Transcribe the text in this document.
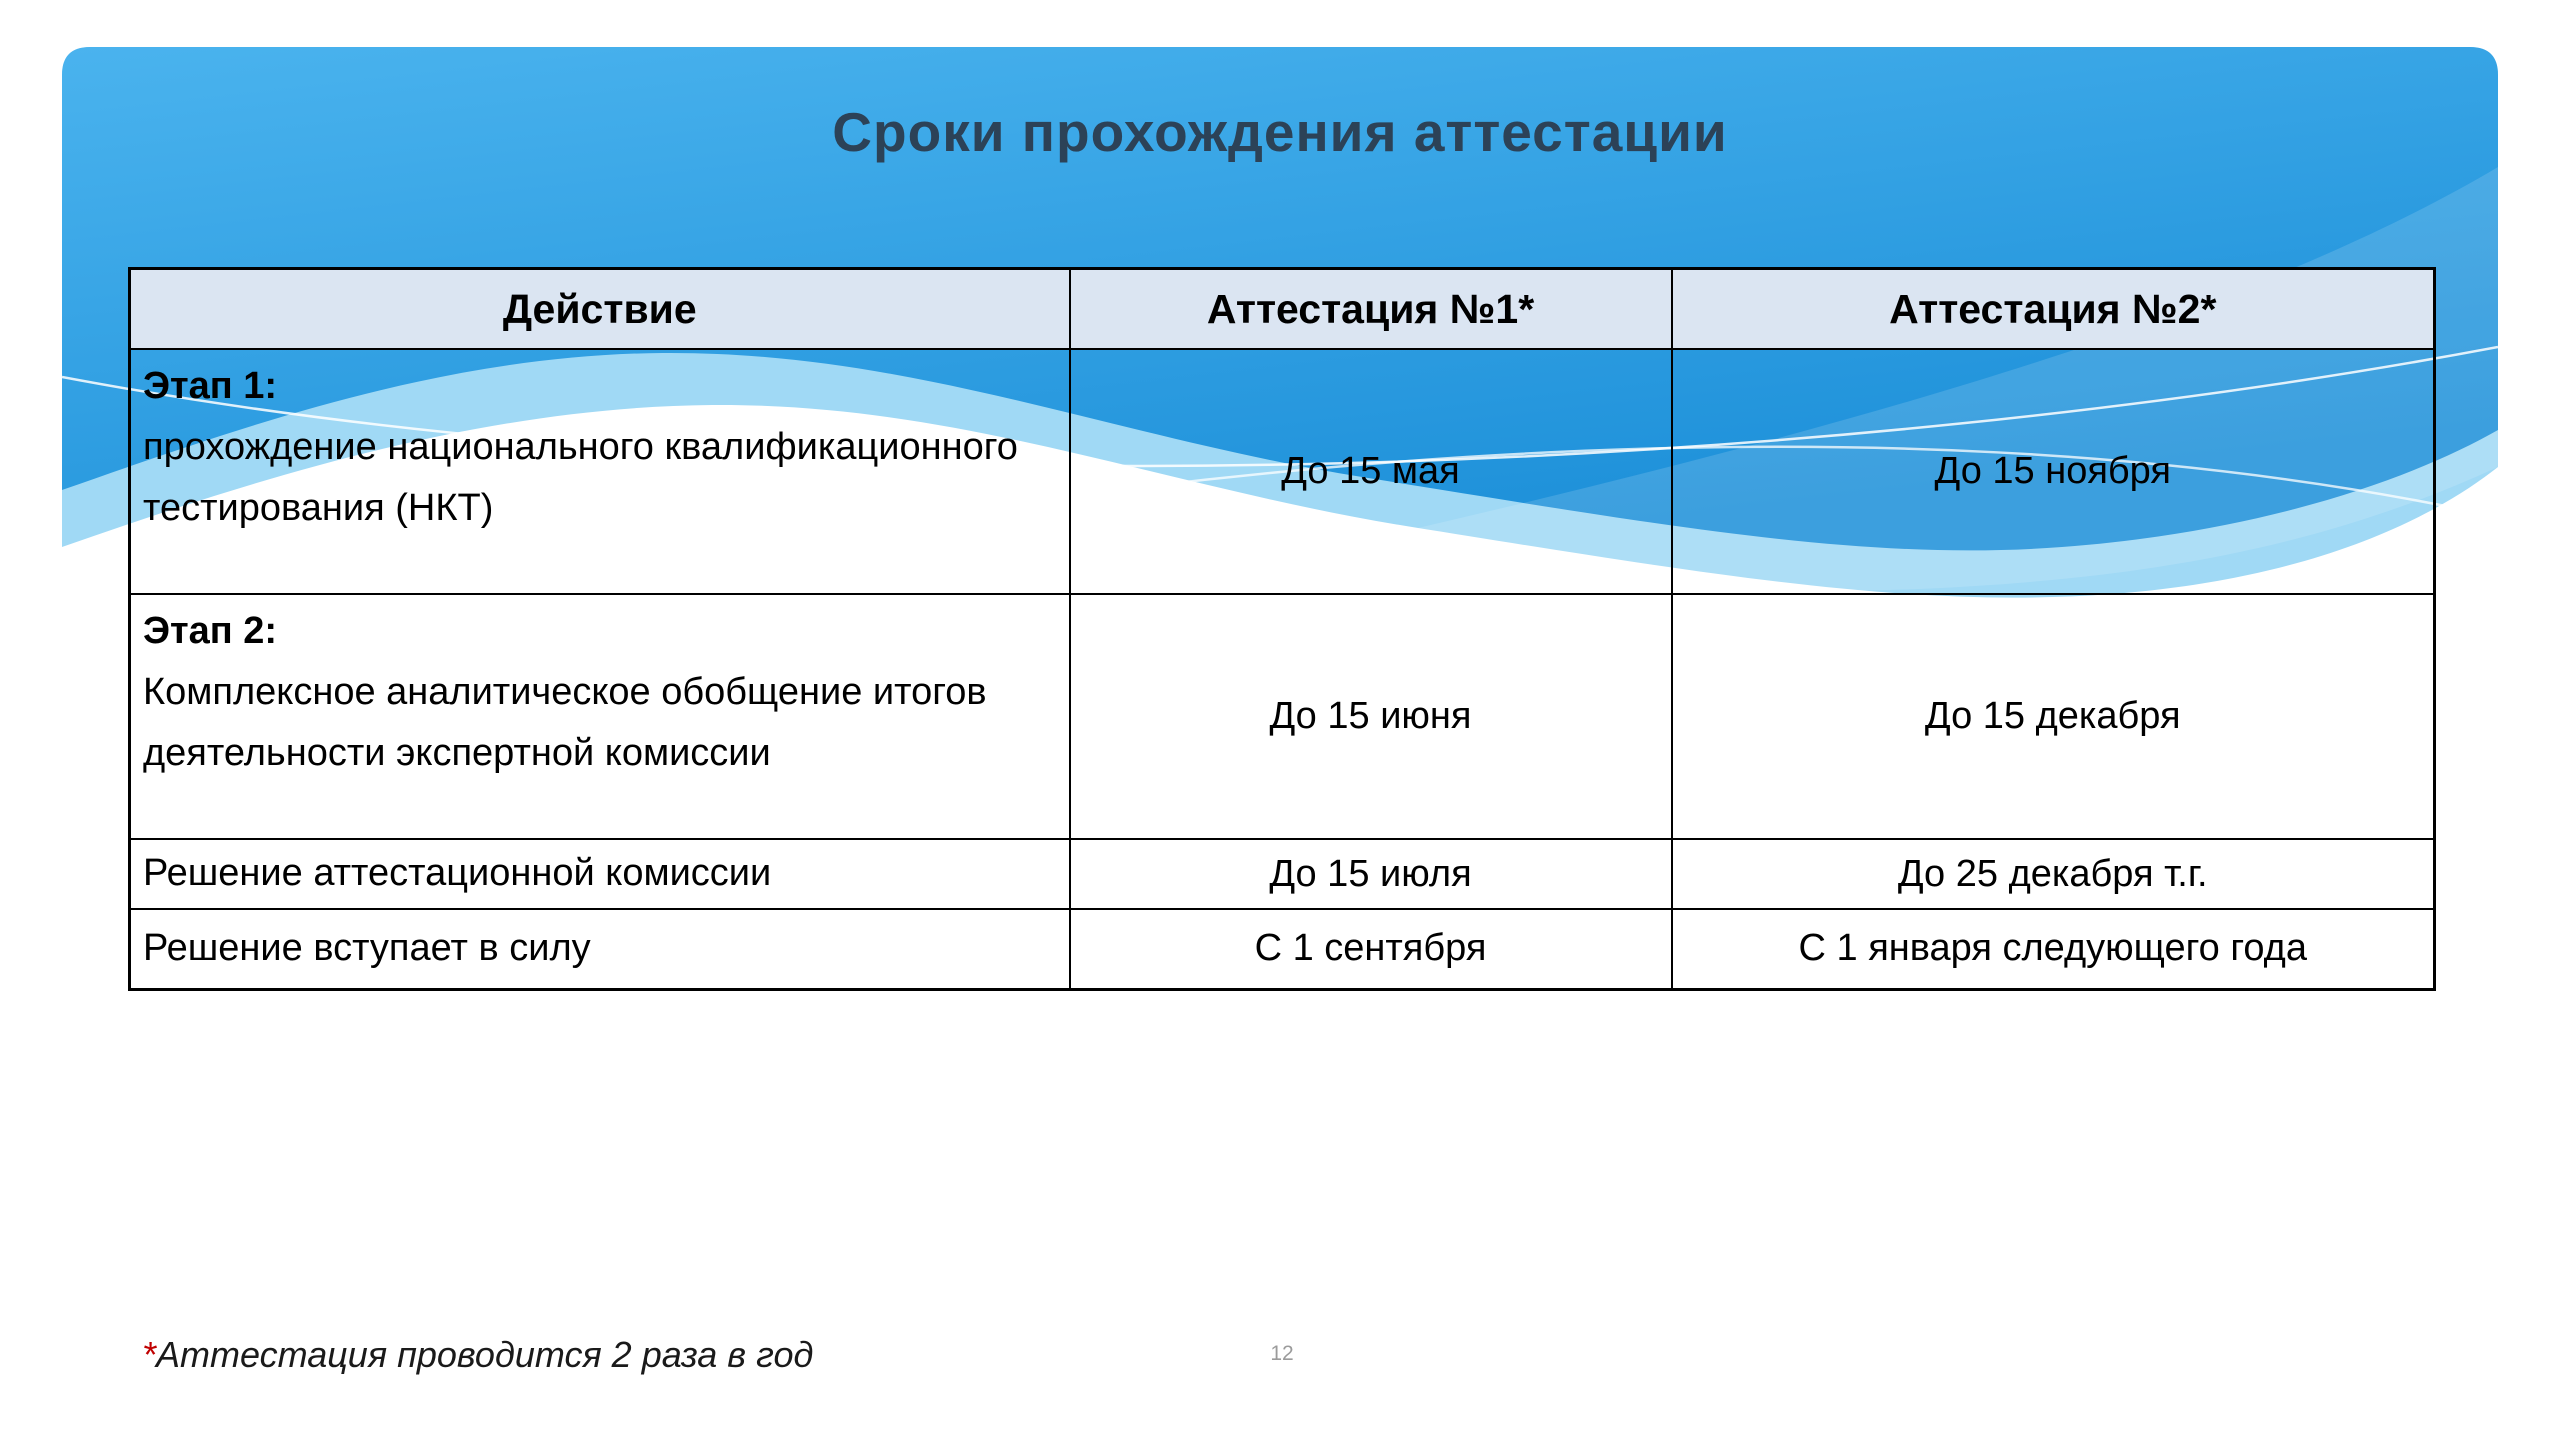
Сроки прохождения аттестации
Действие	Аттестация №1*	Аттестация №2*

Этап 1:
прохождение национального квалификационного тестирования (НКТ)	До 15 мая	До 15 ноября

Этап 2:
Комплексное аналитическое обобщение итогов деятельности экспертной комиссии	До 15 июня	До 15 декабря
Решение аттестационной комиссии	До 15 июля	До 25 декабря т.г.
Решение вступает в силу	С 1 сентября	С 1 января следующего года
*Аттестация проводится 2 раза в год	12
